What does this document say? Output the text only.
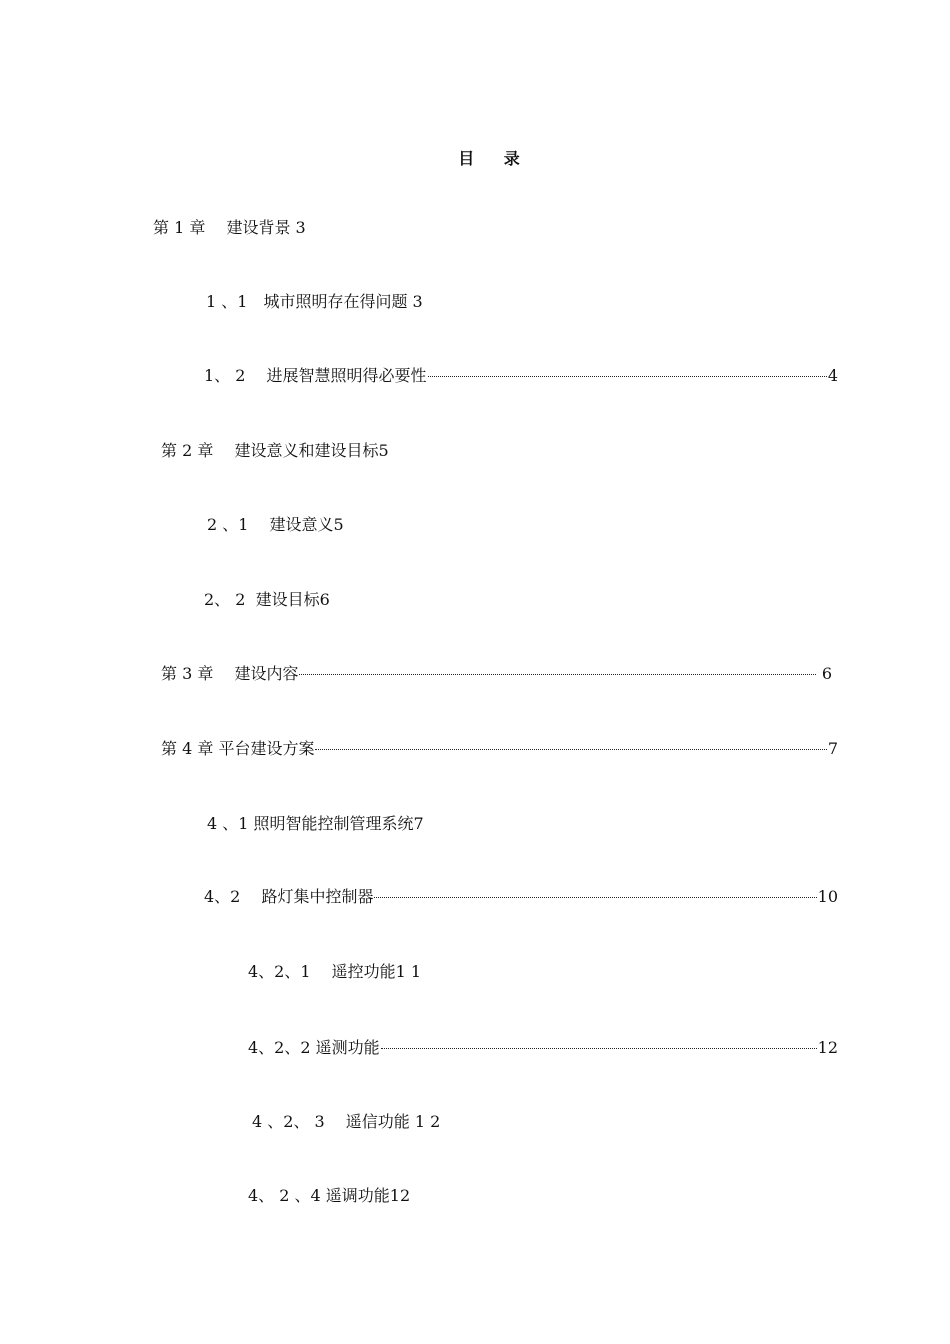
目 录
第 1 章　 建设背景 3
1 、1　城市照明存在得问题 3
1、 2　 进展智慧照明得必要性	4
第 2 章　 建设意义和建设目标5
2 、1　 建设意义5
2、 2  建设目标6
第 3 章　 建设内容	6
第 4 章 平台建设方案	7
4 、1 照明智能控制管理系统7
4、2　 路灯集中控制器	10
4、2、1　 遥控功能1 1
4、2、2 遥测功能	12
4 、2、 3　 遥信功能 1 2
4、 2 、4 遥调功能12
